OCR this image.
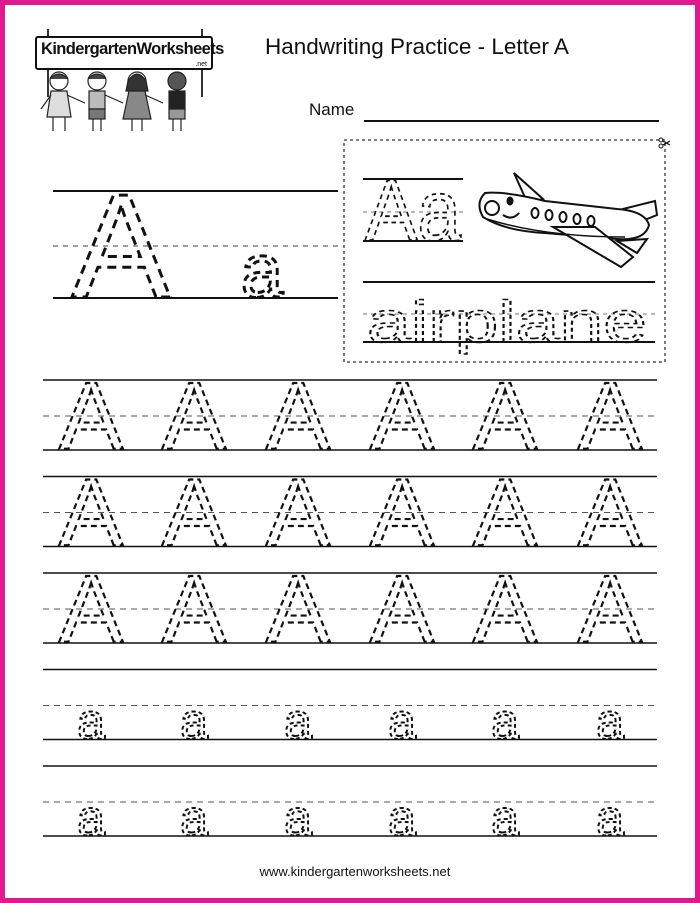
KindergartenWorksheets
.net
Handwriting Practice - Letter A
Name
A a
Aa
airplane
A A A A A A
A A A A A A
A A A A A A
a a a a a a
a a a a a a
www.kindergartenworksheets.net
